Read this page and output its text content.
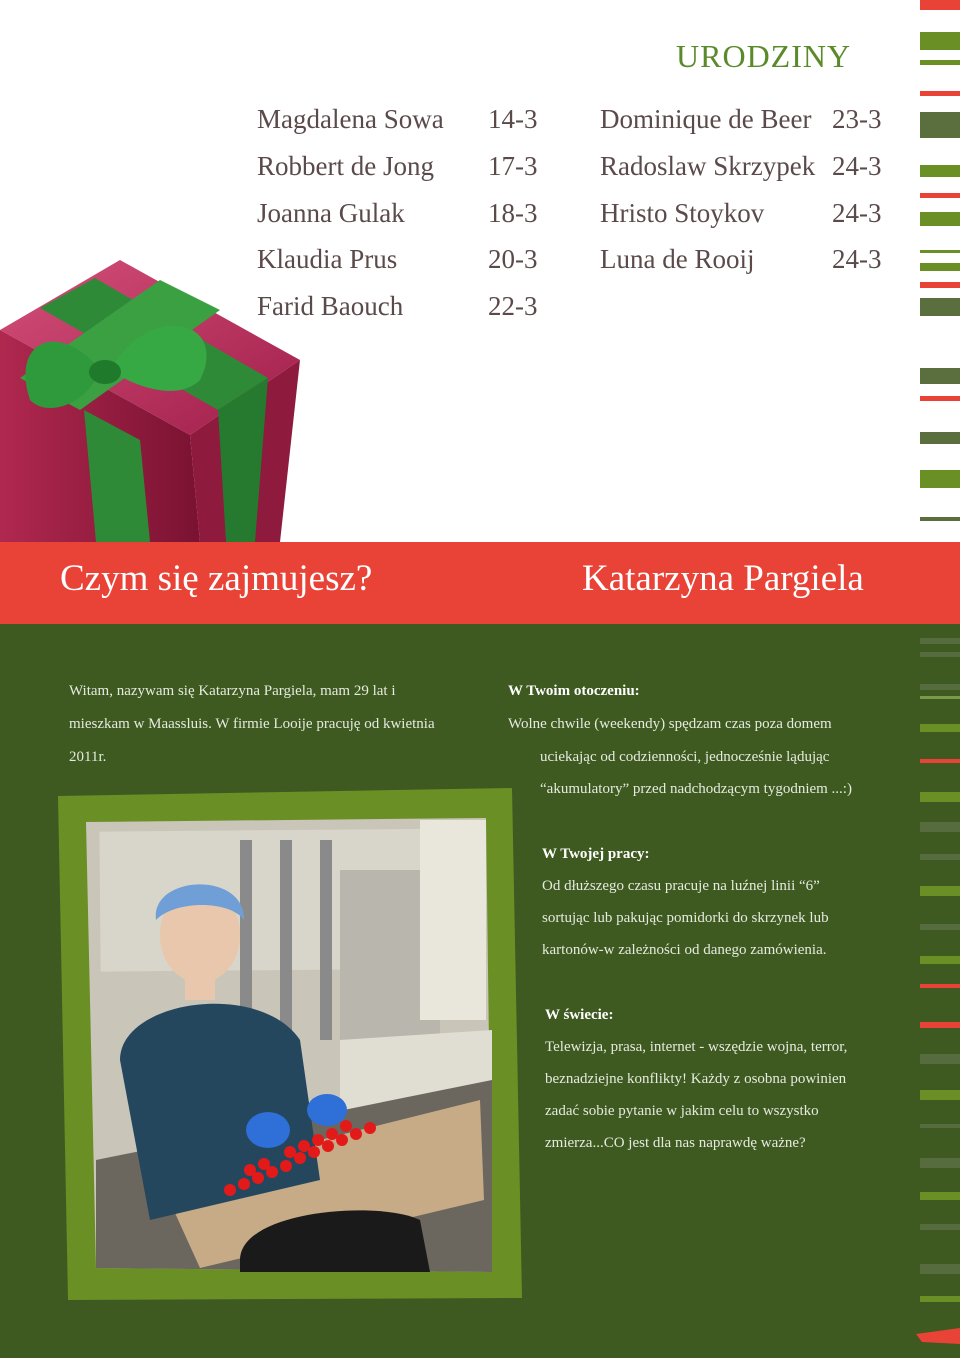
URODZINY
Magdalena Sowa 14-3
Robbert de Jong 17-3
Joanna Gulak	18-3
Klaudia Prus	20-3
Farid Baouch	22-3
Dominique de Beer 23-3
Radoslaw Skrzypek 24-3
Hristo Stoykov	24-3
Luna de Rooij	24-3
Czym się zajmujesz?	Katarzyna Pargiela
Witam, nazywam się Katarzyna Pargiela, mam 29 lat i
mieszkam w Maassluis. W firmie Looije pracuję od kwietnia
2011r.
W Twoim otoczeniu:
Wolne chwile (weekendy) spędzam czas poza domem
uciekając od codzienności, jednocześnie lądując
“akumulatory” przed nadchodzącym tygodniem ...:)
W Twojej pracy:
Od dłuższego czasu pracuje na luźnej linii “6”
sortując lub pakując pomidorki do skrzynek lub
kartonów-w zależności od danego zamówienia.
W świecie:
Telewizja, prasa, internet - wszędzie wojna, terror,
beznadziejne konflikty! Każdy z osobna powinien
zadać sobie pytanie w jakim celu to wszystko
zmierza...CO jest dla nas naprawdę ważne?
